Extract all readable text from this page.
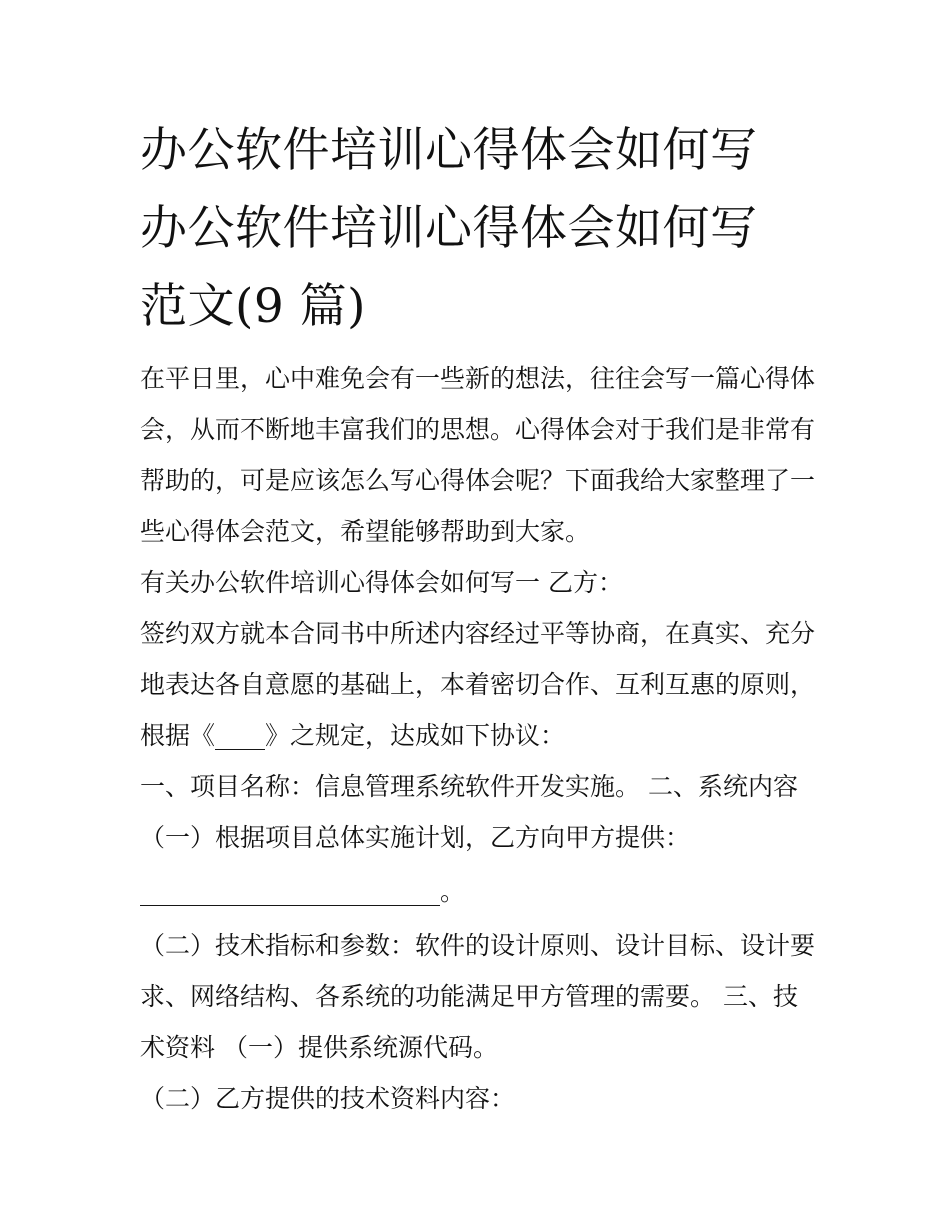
办公软件培训心得体会如何写
办公软件培训心得体会如何写
范文(9 篇)
在平日里，心中难免会有一些新的想法，往往会写一篇心得体
会，从而不断地丰富我们的思想。心得体会对于我们是非常有
帮助的，可是应该怎么写心得体会呢？下面我给大家整理了一
些心得体会范文，希望能够帮助到大家。
有关办公软件培训心得体会如何写一 乙方：
签约双方就本合同书中所述内容经过平等协商，在真实、充分
地表达各自意愿的基础上，本着密切合作、互利互惠的原则，
根据《____》之规定，达成如下协议：
一、项目名称：信息管理系统软件开发实施。 二、系统内容
（一）根据项目总体实施计划，乙方向甲方提供：
________________________。
（二）技术指标和参数：软件的设计原则、设计目标、设计要
求、网络结构、各系统的功能满足甲方管理的需要。 三、技
术资料 （一）提供系统源代码。
（二）乙方提供的技术资料内容：
